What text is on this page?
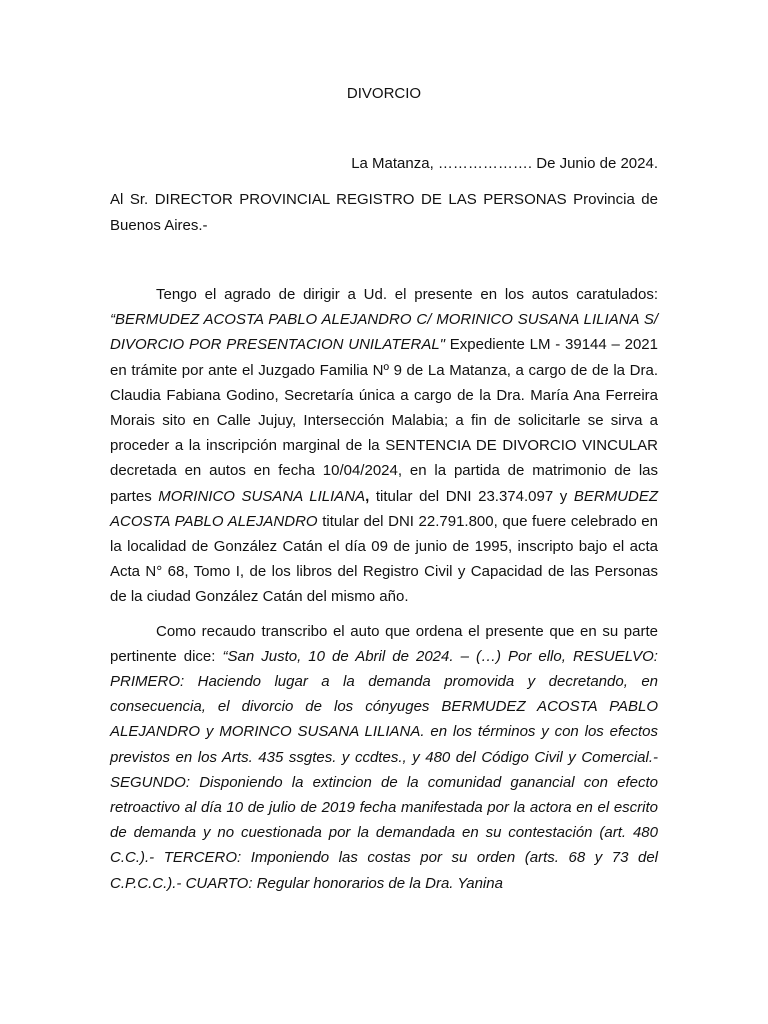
DIVORCIO
La Matanza, ………………. De Junio de 2024.
Al Sr. DIRECTOR PROVINCIAL REGISTRO DE LAS PERSONAS Provincia de Buenos Aires.-

Tengo el agrado de dirigir a Ud. el presente en los autos caratulados: “BERMUDEZ ACOSTA PABLO ALEJANDRO C/ MORINICO SUSANA LILIANA S/ DIVORCIO POR PRESENTACION UNILATERAL" Expediente LM - 39144 – 2021 en trámite por ante el Juzgado Familia Nº 9 de La Matanza, a cargo de de la Dra. Claudia Fabiana Godino, Secretaría única a cargo de la Dra. María Ana Ferreira Morais sito en Calle Jujuy, Intersección Malabia; a fin de solicitarle se sirva a proceder a la inscripción marginal de la SENTENCIA DE DIVORCIO VINCULAR decretada en autos en fecha 10/04/2024, en la partida de matrimonio de las partes MORINICO SUSANA LILIANA, titular del DNI 23.374.097 y BERMUDEZ ACOSTA PABLO ALEJANDRO titular del DNI 22.791.800, que fuere celebrado en la localidad de González Catán el día 09 de junio de 1995, inscripto bajo el acta Acta N° 68, Tomo I, de los libros del Registro Civil y Capacidad de las Personas de la ciudad González Catán del mismo año.

Como recaudo transcribo el auto que ordena el presente que en su parte pertinente dice: “San Justo, 10 de Abril de 2024. – (…) Por ello, RESUELVO: PRIMERO: Haciendo lugar a la demanda promovida y decretando, en consecuencia, el divorcio de los cónyuges BERMUDEZ ACOSTA PABLO ALEJANDRO y MORINCO SUSANA LILIANA. en los términos y con los efectos previstos en los Arts. 435 ssgtes. y ccdtes., y 480 del Código Civil y Comercial.- SEGUNDO: Disponiendo la extincion de la comunidad ganancial con efecto retroactivo al día 10 de julio de 2019 fecha manifestada por la actora en el escrito de demanda y no cuestionada por la demandada en su contestación (art. 480 C.C.).- TERCERO: Imponiendo las costas por su orden (arts. 68 y 73 del C.P.C.C.).- CUARTO: Regular honorarios de la Dra. Yanina
